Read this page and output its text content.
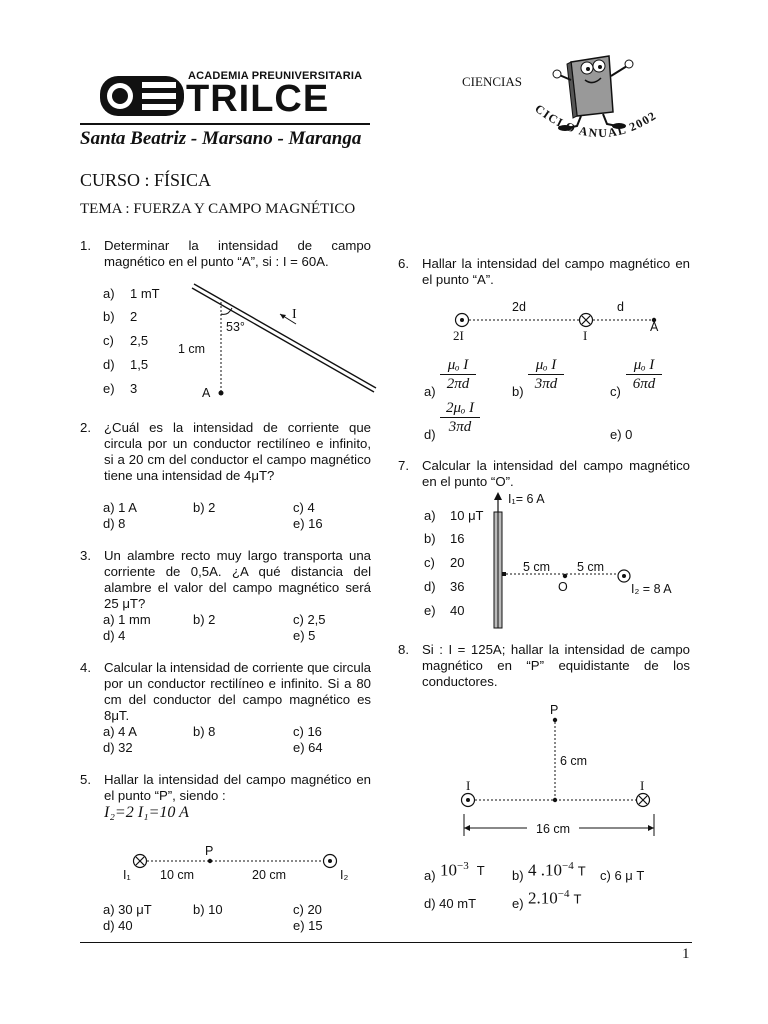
ACADEMIA PREUNIVERSITARIA
TRILCE
Santa Beatriz - Marsano - Maranga
CIENCIAS
CICLO ANUAL 2002
CURSO : FÍSICA
TEMA : FUERZA Y CAMPO MAGNÉTICO
1. Determinar la intensidad de campo magnético en el punto “A”, si : I = 60A.
a) 1 mT
b) 2
c) 2,5
d) 1,5
e) 3
53°
1 cm
I
A
2. ¿Cuál es la intensidad de corriente que circula por un conductor rectilíneo e infinito, si a 20 cm del conductor el campo magnético tiene una intensidad de 4μT?
a) 1 A	b) 2	c) 4
d) 8	e) 16
3. Un alambre recto muy largo transporta una corriente de 0,5A. ¿A qué distancia del alambre el valor del campo magnético será 25 μT?
a) 1 mm	b) 2	c) 2,5
d) 4	e) 5
4. Calcular la intensidad de corriente que circula por un conductor rectilíneo e infinito. Si a 80 cm del conductor del campo magnético es 8μT.
a) 4 A	b) 8	c) 16
d) 32	e) 64
5. Hallar la intensidad del campo magnético en el punto “P”, siendo :
I₂=2 I₁=10 A
P
I₁ 10 cm	20 cm	I₂
a) 30 μT	b) 10	c) 20
d) 40	e) 15
6. Hallar la intensidad del campo magnético en el punto “A”.
2d	d
2I	I
A
$a) \frac{\text{μₒ I}}{2\pi d}$	$b) \frac{\text{μₒ I}}{3\pi d}$	$c) \frac{\text{μₒ I}}{6\pi d}$
$d) \frac{\text{2μₒ I}}{3\pi d}$	e) 0
7. Calcular la intensidad del campo magnético en el punto “O”.
a) 10 μT
b) 16
c) 20
d) 36
e) 40
I₁= 6 A
5 cm 5 cm
O	I₂ = 8 A
8. Si : I = 125A; hallar la intensidad de campo magnético en “P” equidistante de los conductores.
P
6 cm
I	I
16 cm
a) $10^{-3}$ T b) 4 $.10^{-4}$ T c) 6 μ T
d) 40 mT	e) $2.10^{-4}$ T
1
